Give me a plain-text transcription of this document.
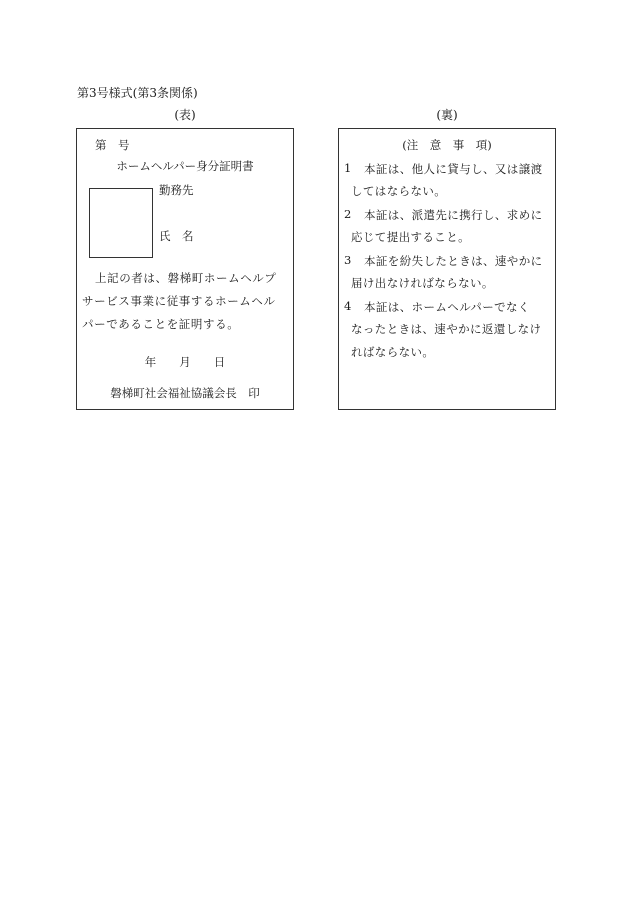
第3号様式(第3条関係)
(表)	(裏)
第　号
ホームヘルパー身分証明書
勤務先
氏　名
上記の者は、磐梯町ホームヘルプ
サービス事業に従事するホームヘル
パーであることを証明する。
年　　月　　日
磐梯町社会福祉協議会長　印
(注　意　事　項)
1 本証は、他人に貸与し、又は譲渡
してはならない。
2 本証は、派遣先に携行し、求めに
応じて提出すること。
3 本証を紛失したときは、速やかに
届け出なければならない。
4 本証は、ホームヘルパーでなく
なったときは、速やかに返還しなけ
ればならない。
